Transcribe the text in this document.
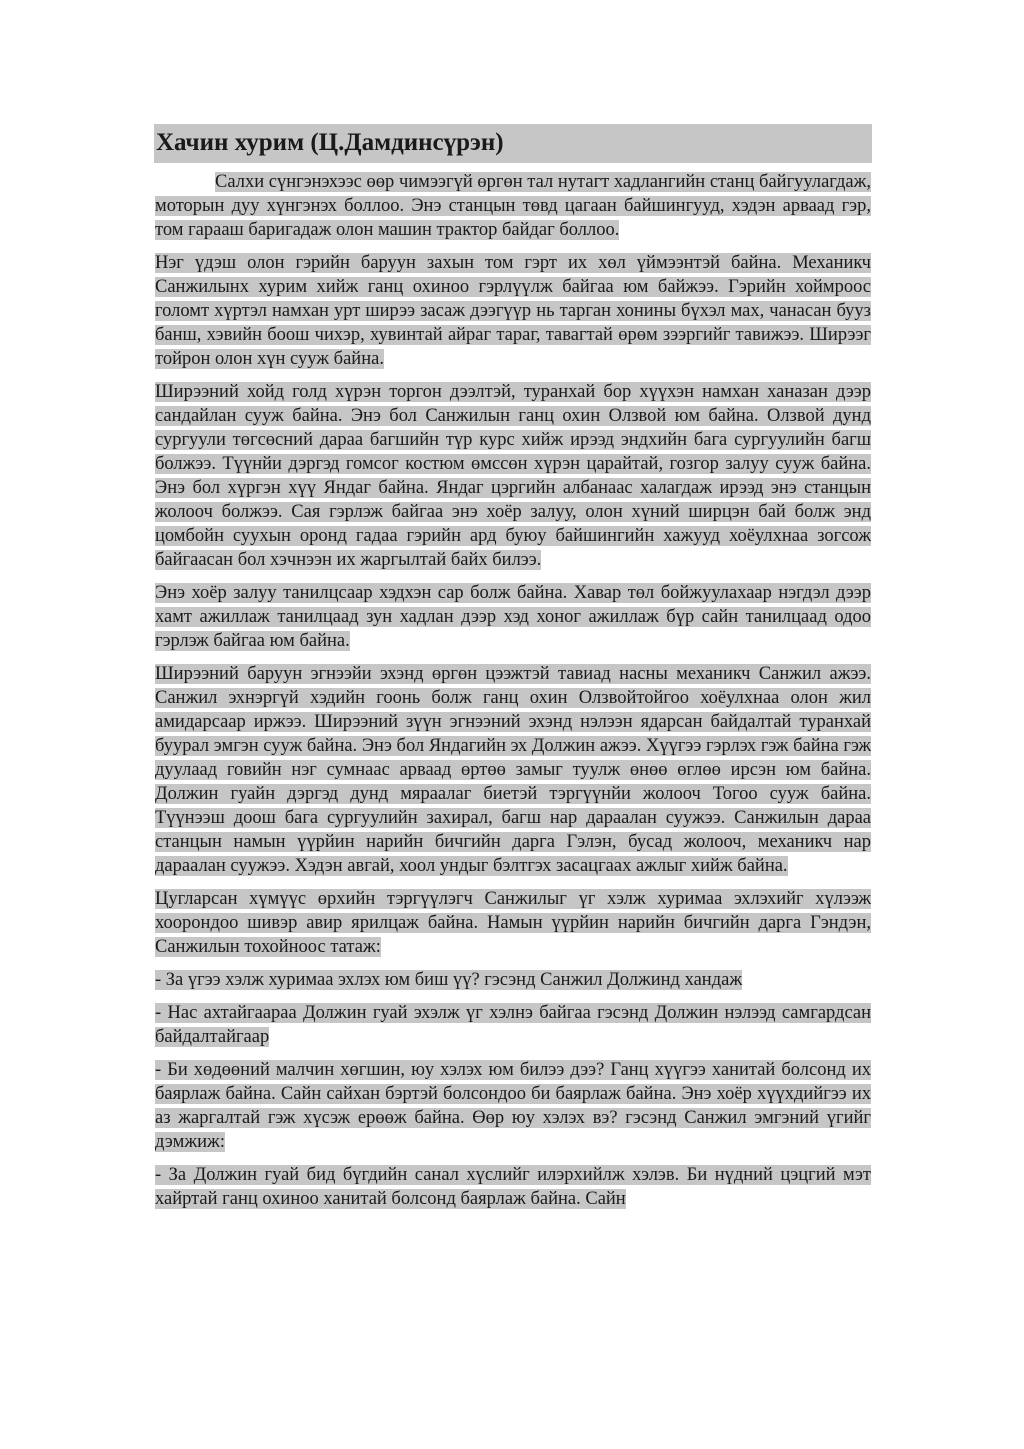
Хачин хурим (Ц.Дамдинсүрэн)

Салхи сүнгэнэхээс өөр чимээгүй өргөн тал нутагт хадлангийн станц байгуулагдаж, моторын дуу хүнгэнэх боллоо. Энэ станцын төвд цагаан байшингууд, хэдэн арваад гэр, том гарааш баригадаж олон машин трактор байдаг боллоо.

Нэг үдэш олон гэрийн баруун захын том гэрт их хөл үймээнтэй байна. Механикч Санжилынх хурим хийж ганц охиноо гэрлүүлж байгаа юм байжээ. Гэрийн хоймроос голомт хүртэл намхан урт ширээ засаж дээгүүр нь тарган хонины бүхэл мах, чанасан бууз банш, хэвийн боош чихэр, хувинтай айраг тараг, тавагтай өрөм зээргийг тавижээ. Ширээг тойрон олон хүн сууж байна.

Ширээний хойд голд хүрэн торгон дээлтэй, туранхай бор хүүхэн намхан ханазан дээр сандайлан сууж байна. Энэ бол Санжилын ганц охин Олзвой юм байна. Олзвой дунд сургуули төгсөсний дараа багшийн түр курс хийж ирээд эндхийн бага сургуулийн багш болжээ. Түүнйи дэргэд гомсог костюм өмссөн хүрэн царайтай, гозгор залуу сууж байна. Энэ бол хүргэн хүү Яндаг байна. Яндаг цэргийн албанаас халагдаж ирээд энэ станцын жолооч болжээ. Сая гэрлэж байгаа энэ хоёр залуу, олон хүний ширцэн бай болж энд цомбойн суухын оронд гадаа гэрийн ард буюу байшингийн хажууд хоёулхнаа зогсож байгаасан бол хэчнээн их жаргылтай байх билээ.

Энэ хоёр залуу танилцсаар хэдхэн сар болж байна. Хавар төл бойжуулахаар нэгдэл дээр хамт ажиллаж танилцаад зун хадлан дээр хэд хоног ажиллаж бүр сайн танилцаад одоо гэрлэж байгаа юм байна.

Ширээний баруун эгнээйи эхэнд өргөн цээжтэй тавиад насны механикч Санжил ажээ. Санжил эхнэргүй хэдийн гоонь болж ганц охин Олзвойтойгоо хоёулхнаа олон жил амидарсаар иржээ. Ширээний зүүн эгнээний эхэнд нэлээн ядарсан байдалтай туранхай буурал эмгэн сууж байна. Энэ бол Яндагийн эх Должин ажээ. Хүүгээ гэрлэх гэж байна гэж дуулаад говийн нэг сумнаас арваад өртөө замыг туулж өнөө өглөө ирсэн юм байна. Должин гуайн дэргэд дунд мяраалаг биетэй тэргүүнйи жолооч Тогоо сууж байна. Түүнээш доош бага сургуулийн захирал, багш нар дараалан суужээ. Санжилын дараа станцын намын үүрйин нарийн бичгийн дарга Гэлэн, бусад жолооч, механикч нар дараалан суужээ. Хэдэн авгай, хоол ундыг бэлтгэх засацгаах ажлыг хийж байна.

Цугларсан хүмүүс өрхийн тэргүүлэгч Санжилыг үг хэлж хуримаа эхлэхийг хүлээж хоорондоо шивэр авир ярилцаж байна. Намын үүрйин нарийн бичгийн дарга Гэндэн, Санжилын тохойноос татаж:

- За үгээ хэлж хуримаа эхлэх юм биш үү? гэсэнд Санжил Должинд хандаж

- Нас ахтайгаараа Должин гуай эхэлж үг хэлнэ байгаа гэсэнд Должин нэлээд самгардсан байдалтайгаар

- Би хөдөөний малчин хөгшин, юу хэлэх юм билээ дээ? Ганц хүүгээ ханитай болсонд их баярлаж байна. Сайн сайхан бэртэй болсондоо би баярлаж байна. Энэ хоёр хүүхдийгээ их аз жаргалтай гэж хүсэж ерөөж байна. Өөр юу хэлэх вэ? гэсэнд Санжил эмгэний үгийг дэмжиж:

- За Должин гуай бид бүгдийн санал хүслийг илэрхийлж хэлэв. Би нүдний цэцгий мэт хайртай ганц охиноо ханитай болсонд баярлаж байна. Сайн
